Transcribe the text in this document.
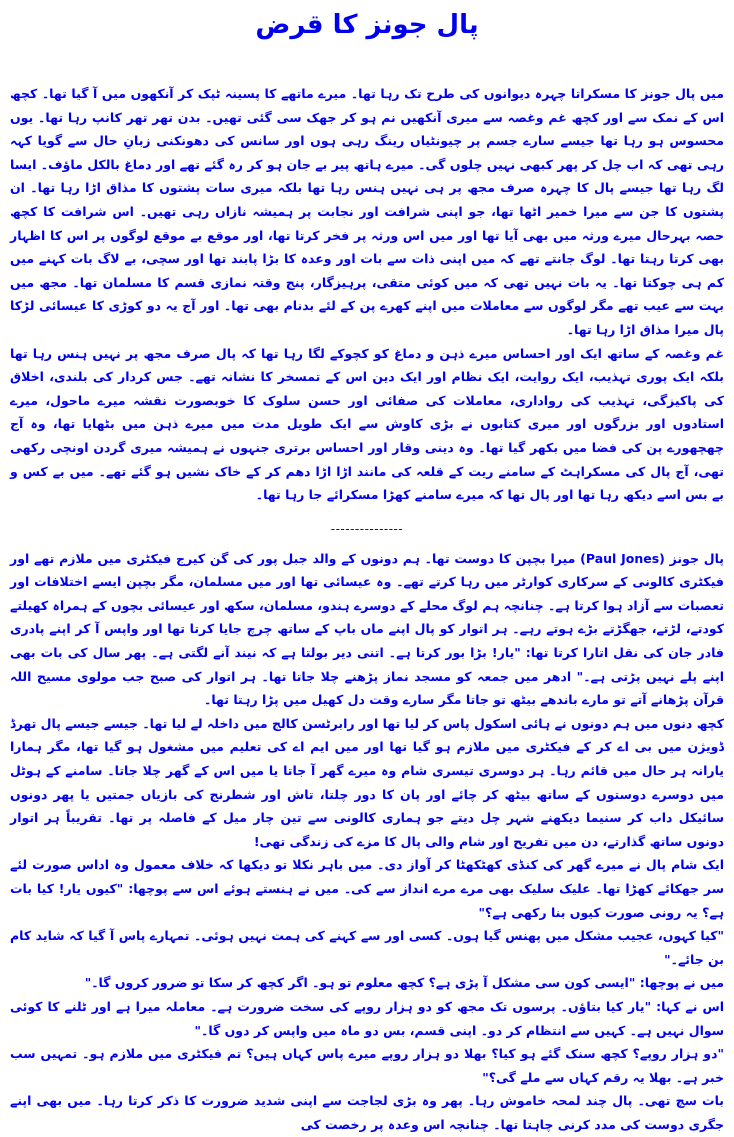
پال جونز کا قرض

میں پال جونز کا مسکراتا چہرہ دیوانوں کی طرح تک رہا تھا۔ میرے ماتھے کا پسینہ ٹپک کر آنکھوں میں آ گیا تھا۔ کچھ اس کے نمک سے اور کچھ غم وغصہ سے میری آنکھیں نم ہو کر جھک سی گئی تھیں۔ بدن تھر تھر کانپ رہا تھا۔ یوں محسوس ہو رہا تھا جیسے سارے جسم پر چیونٹیاں رینگ رہی ہوں اور سانس کی دھونکنی زبانِ حال سے گویا کہہ رہی تھی کہ اب چل کر پھر کبھی نہیں چلوں گی۔ میرے ہاتھ پیر بے جان ہو کر رہ گئے تھے اور دماغ بالکل ماؤف۔ ایسا لگ رہا تھا جیسے پال کا چہرہ صرف مجھ پر ہی نہیں ہنس رہا تھا بلکہ میری سات پشتوں کا مذاق اڑا رہا تھا۔ ان پشتوں کا جن سے میرا خمیر اٹھا تھا، جو اپنی شرافت اور نجابت پر ہمیشہ نازاں رہی تھیں۔ اس شرافت کا کچھ حصہ بہرحال میرے ورثہ میں بھی آیا تھا اور میں اس ورثہ پر فخر کرتا تھا، اور موقع بے موقع لوگوں پر اس کا اظہار بھی کرتا رہتا تھا۔ لوگ جانتے تھے کہ میں اپنی ذات سے بات اور وعدہ کا بڑا پابند تھا اور سچی، بے لاگ بات کہنے میں کم ہی چوکتا تھا۔ یہ بات نہیں تھی کہ میں کوئی متقی، پرہیزگار، پنج وقتہ نمازی قسم کا مسلمان تھا۔ مجھ میں بہت سے عیب تھے مگر لوگوں سے معاملات میں اپنے کھرے پن کے لئے بدنام بھی تھا۔ اور آج یہ دو کوڑی کا عیسائی لڑکا پال میرا مذاق اڑا رہا تھا۔

غم وغصہ کے ساتھ ایک اور احساس میرے ذہن و دماغ کو کچوکے لگا رہا تھا کہ پال صرف مجھ پر نہیں ہنس رہا تھا بلکہ ایک پوری تہذیب، ایک روایت، ایک نظام اور ایک دین اس کے تمسخر کا نشانہ تھے۔ جس کردار کی بلندی، اخلاق کی پاکیزگی، تہذیب کی رواداری، معاملات کی صفائی اور حسن سلوک کا خوبصورت نقشہ میرے ماحول، میرے استادوں اور بزرگوں اور میری کتابوں نے بڑی کاوش سے ایک طویل مدت میں میرے ذہن میں بٹھایا تھا، وہ آج چھچھورے پن کی فضا میں بکھر گیا تھا۔ وہ دینی وقار اور احساس برتری جنہوں نے ہمیشہ میری گردن اونچی رکھی تھی، آج پال کی مسکراہٹ کے سامنے ریت کے قلعہ کی مانند اڑا اڑا دھم کر کے خاک نشیں ہو گئے تھے۔ میں بے کس و بے بس اسے دیکھ رہا تھا اور پال تھا کہ میرے سامنے کھڑا مسکرائے جا رہا تھا۔

---------------

پال جونز (Paul Jones) میرا بچپن کا دوست تھا۔ ہم دونوں کے والد جبل پور کی گن کیرج فیکٹری میں ملازم تھے اور فیکٹری کالونی کے سرکاری کوارٹر میں رہا کرتے تھے۔ وہ عیسائی تھا اور میں مسلمان، مگر بچپن ایسے اختلافات اور تعصبات سے آزاد ہوا کرتا ہے۔ چنانچہ ہم لوگ محلے کے دوسرے ہندو، مسلمان، سکھ اور عیسائی بچوں کے ہمراہ کھیلتے کودتے، لڑتے، جھگڑتے بڑے ہوتے رہے۔ ہر اتوار کو پال اپنے ماں باپ کے ساتھ چرچ جایا کرتا تھا اور واپس آ کر اپنے پادری فادر جان کی نقل اتارا کرتا تھا: "یار! بڑا بور کرتا ہے۔ اتنی دیر بولتا ہے کہ نیند آنے لگتی ہے۔ پھر سال کی بات بھی اپنے پلے نہیں پڑتی ہے۔" ادھر میں جمعہ کو مسجد نماز پڑھنے چلا جاتا تھا۔ ہر اتوار کی صبح جب مولوی مسیح اللہ قرآن پڑھانے آتے تو مارے باندھے بیٹھ تو جاتا مگر سارے وقت دل کھیل میں پڑا رہتا تھا۔

کچھ دنوں میں ہم دونوں نے ہائی اسکول پاس کر لیا تھا اور رابرٹسن کالج میں داخلہ لے لیا تھا۔ جیسے جیسے پال تھرڈ ڈویژن میں بی اے کر کے فیکٹری میں ملازم ہو گیا تھا اور میں ایم اے کی تعلیم میں مشغول ہو گیا تھا، مگر ہمارا یارانہ ہر حال میں قائم رہا۔ ہر دوسری تیسری شام وہ میرے گھر آ جاتا یا میں اس کے گھر چلا جاتا۔ سامنے کے ہوٹل میں دوسرے دوستوں کے ساتھ بیٹھ کر چائے اور پان کا دور چلتا، تاش اور شطرنج کی بازیاں جمتیں یا پھر دونوں سائیکل داب کر سنیما دیکھنے شہر چل دیتے جو ہماری کالونی سے تین چار میل کے فاصلہ پر تھا۔ تقریباً ہر اتوار دونوں ساتھ گذارتے، دن میں تفریح اور شام والی پال کا مزے کی زندگی تھی!

ایک شام پال نے میرے گھر کی کنڈی کھٹکھٹا کر آواز دی۔ میں باہر نکلا تو دیکھا کہ خلاف معمول وہ اداس صورت لئے سر جھکائے کھڑا تھا۔ علیک سلیک بھی مرے مرے انداز سے کی۔ میں نے ہنستے ہوئے اس سے پوچھا: "کیوں یار! کیا بات ہے؟ یہ رونی صورت کیوں بنا رکھی ہے؟"

"کیا کہوں، عجیب مشکل میں پھنس گیا ہوں۔ کسی اور سے کہنے کی ہمت نہیں ہوئی۔ تمہارے پاس آ گیا کہ شاید کام بن جائے۔"

میں نے پوچھا: "ایسی کون سی مشکل آ پڑی ہے؟ کچھ معلوم تو ہو۔ اگر کچھ کر سکا تو ضرور کروں گا۔"

اس نے کہا: "یار کیا بتاؤں۔ پرسوں تک مجھ کو دو ہزار روپے کی سخت ضرورت ہے۔ معاملہ میرا ہے اور ٹلنے کا کوئی سوال نہیں ہے۔ کہیں سے انتظام کر دو۔ اپنی قسم، بس دو ماہ میں واپس کر دوں گا۔"

"دو ہزار روپے؟ کچھ سنک گئے ہو کیا؟ بھلا دو ہزار روپے میرے پاس کہاں ہیں؟ تم فیکٹری میں ملازم ہو۔ تمہیں سب خبر ہے۔ بھلا یہ رقم کہاں سے ملے گی؟"

بات سچ تھی۔ پال چند لمحہ خاموش رہا۔ پھر وہ بڑی لجاجت سے اپنی شدید ضرورت کا ذکر کرتا رہا۔ میں بھی اپنے جگری دوست کی مدد کرنی چاہتا تھا۔ چنانچہ اس وعدہ پر رخصت کی
